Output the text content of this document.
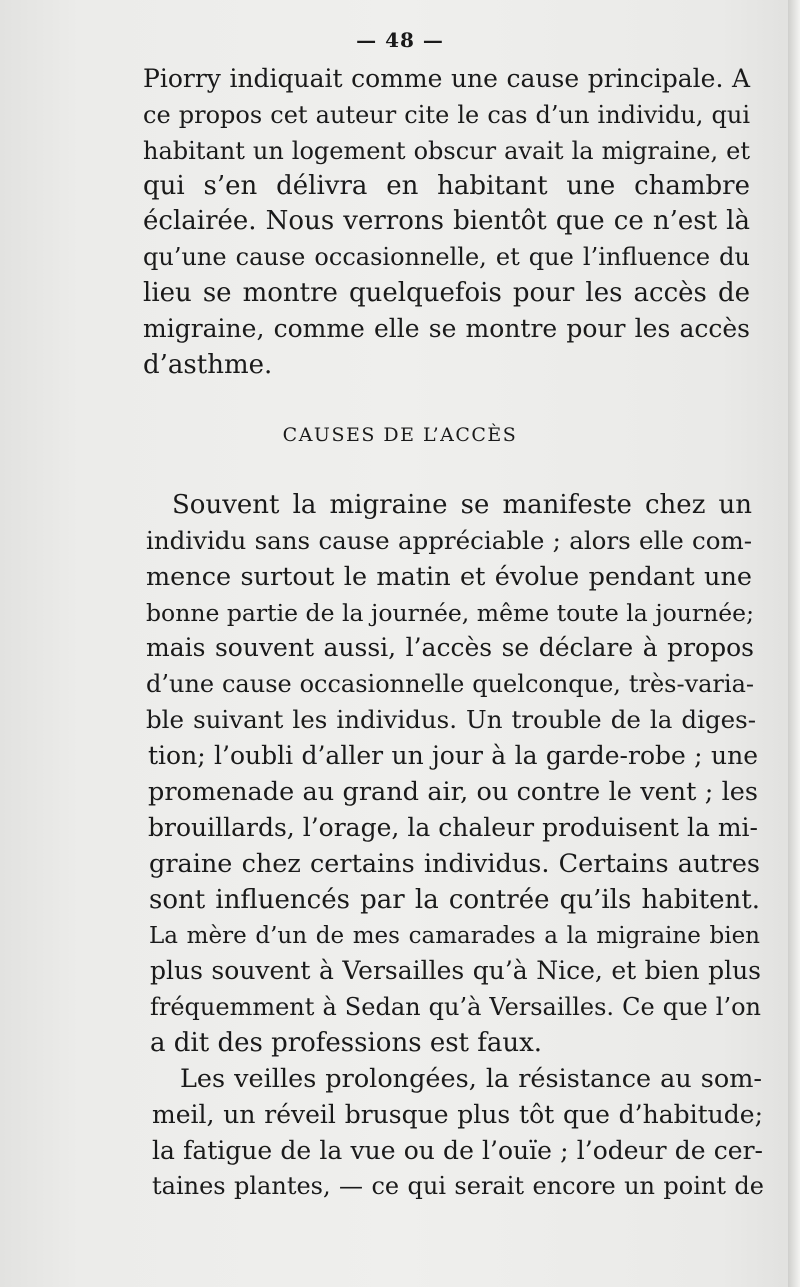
— 48 —
Piorry indiquait comme une cause principale. A
ce propos cet auteur cite le cas d’un individu, qui
habitant un logement obscur avait la migraine, et
qui s’en délivra en habitant une chambre
éclairée. Nous verrons bientôt que ce n’est là
qu’une cause occasionnelle, et que l’influence du
lieu se montre quelquefois pour les accès de
migraine, comme elle se montre pour les accès
d’asthme.
CAUSES DE L’ACCÈS
Souvent la migraine se manifeste chez un
individu sans cause appréciable ; alors elle com-
mence surtout le matin et évolue pendant une
bonne partie de la journée, même toute la journée;
mais souvent aussi, l’accès se déclare à propos
d’une cause occasionnelle quelconque, très-varia-
ble suivant les individus. Un trouble de la diges-
tion; l’oubli d’aller un jour à la garde-robe ; une
promenade au grand air, ou contre le vent ; les
brouillards, l’orage, la chaleur produisent la mi-
graine chez certains individus. Certains autres
sont influencés par la contrée qu’ils habitent.
La mère d’un de mes camarades a la migraine bien
plus souvent à Versailles qu’à Nice, et bien plus
fréquemment à Sedan qu’à Versailles. Ce que l’on
a dit des professions est faux.
Les veilles prolongées, la résistance au som-
meil, un réveil brusque plus tôt que d’habitude;
la fatigue de la vue ou de l’ouïe ; l’odeur de cer-
taines plantes, — ce qui serait encore un point de
